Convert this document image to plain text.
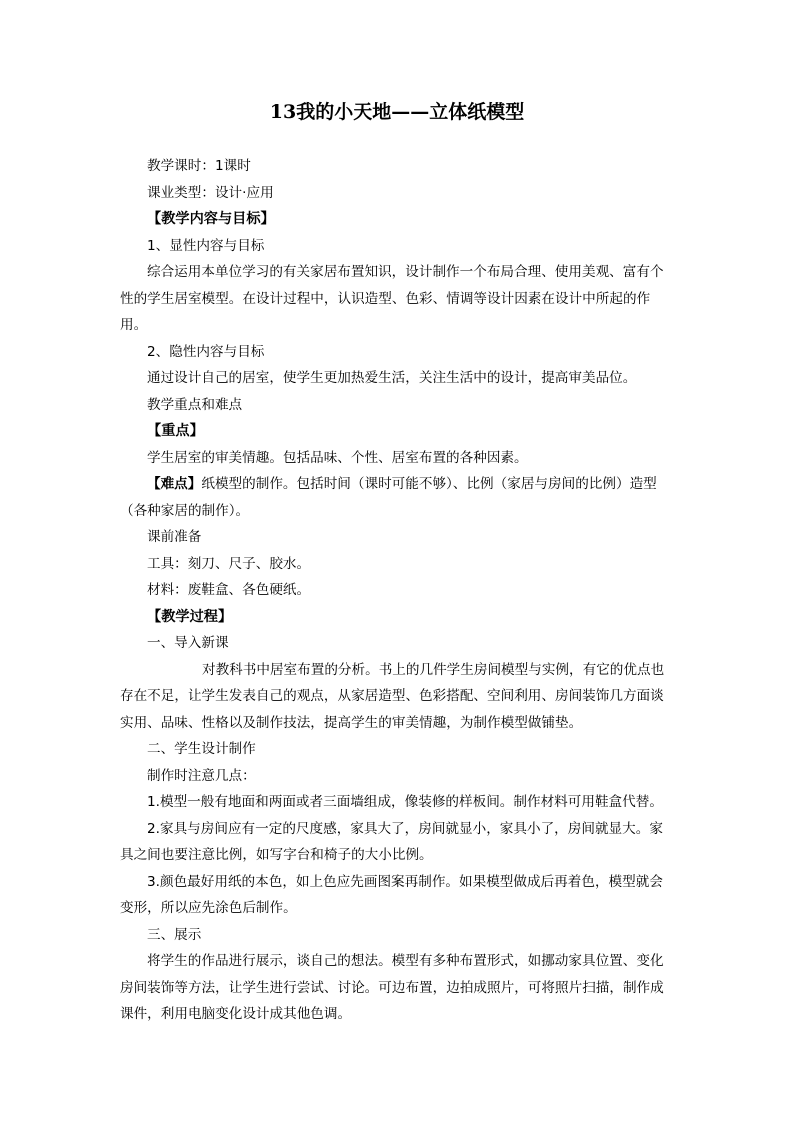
13我的小天地——立体纸模型

教学课时：1课时

课业类型：设计·应用

【教学内容与目标】

1、显性内容与目标

综合运用本单位学习的有关家居布置知识，设计制作一个布局合理、使用美观、富有个性的学生居室模型。在设计过程中，认识造型、色彩、情调等设计因素在设计中所起的作用。

2、隐性内容与目标

通过设计自己的居室，使学生更加热爱生活，关注生活中的设计，提高审美品位。

教学重点和难点

【重点】

学生居室的审美情趣。包括品味、个性、居室布置的各种因素。

【难点】纸模型的制作。包括时间（课时可能不够）、比例（家居与房间的比例）造型（各种家居的制作）。

课前准备

工具：刻刀、尺子、胶水。

材料：废鞋盒、各色硬纸。

【教学过程】

一、导入新课

对教科书中居室布置的分析。书上的几件学生房间模型与实例，有它的优点也存在不足，让学生发表自己的观点，从家居造型、色彩搭配、空间利用、房间装饰几方面谈实用、品味、性格以及制作技法，提高学生的审美情趣，为制作模型做铺垫。

二、学生设计制作

制作时注意几点：

1.模型一般有地面和两面或者三面墙组成，像装修的样板间。制作材料可用鞋盒代替。

2.家具与房间应有一定的尺度感，家具大了，房间就显小，家具小了，房间就显大。家具之间也要注意比例，如写字台和椅子的大小比例。

3.颜色最好用纸的本色，如上色应先画图案再制作。如果模型做成后再着色，模型就会变形，所以应先涂色后制作。

三、展示

将学生的作品进行展示，谈自己的想法。模型有多种布置形式，如挪动家具位置、变化房间装饰等方法，让学生进行尝试、讨论。可边布置，边拍成照片，可将照片扫描，制作成课件，利用电脑变化设计成其他色调。
